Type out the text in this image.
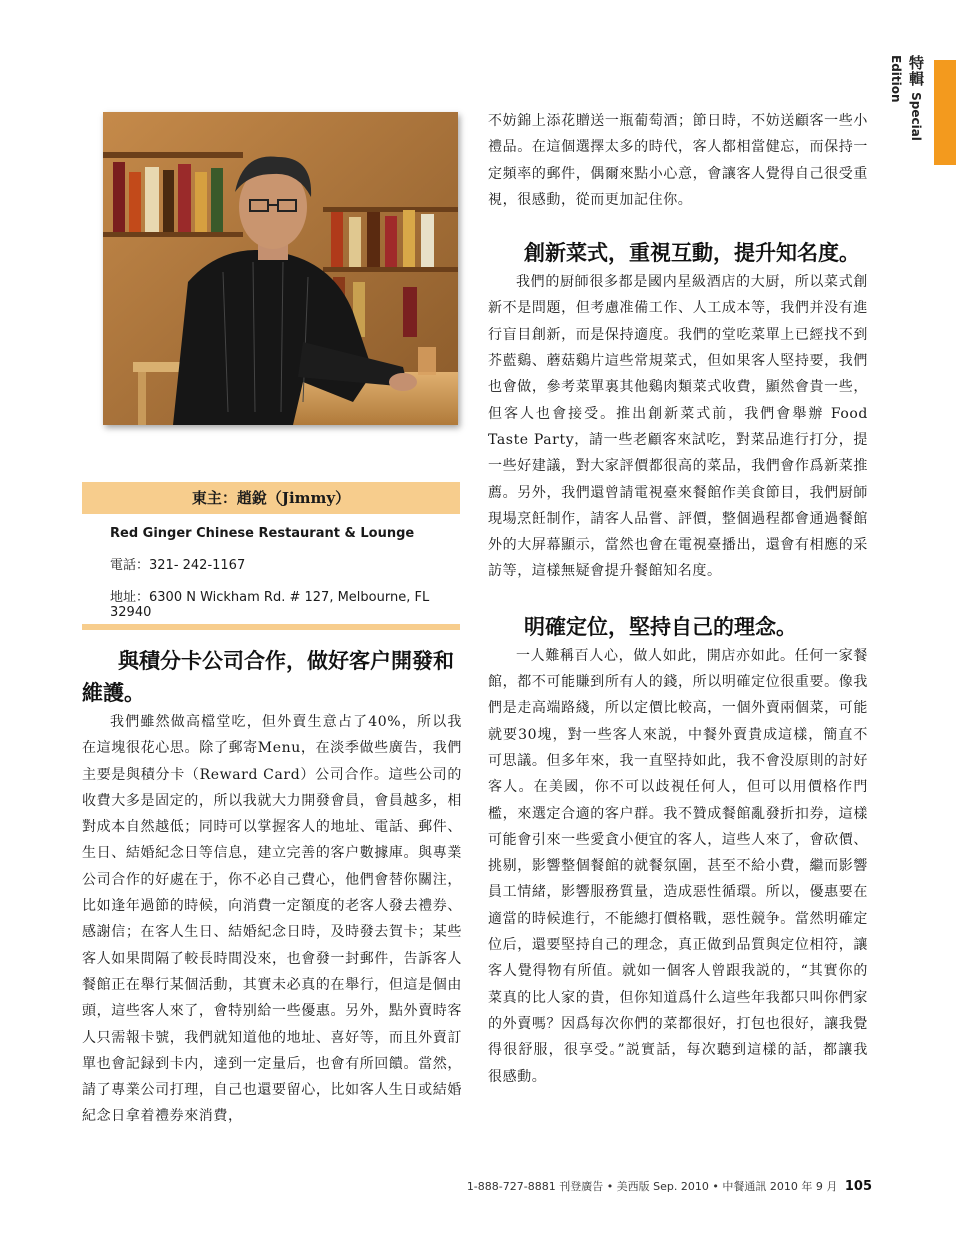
特輯 Special Edition
東主：趙銳（Jimmy）
Red Ginger Chinese Restaurant & Lounge
電話：321- 242-1167
地址：6300 N Wickham Rd. # 127, Melbourne, FL 32940
與積分卡公司合作，做好客户開發和維護。

我們雖然做高檔堂吃，但外賣生意占了40%，所以我在這塊很花心思。除了郵寄Menu，在淡季做些廣告，我們主要是與積分卡（Reward Card）公司合作。這些公司的收費大多是固定的，所以我就大力開發會員，會員越多，相對成本自然越低；同時可以掌握客人的地址、電話、郵件、生日、結婚紀念日等信息，建立完善的客户數據庫。與專業公司合作的好處在于，你不必自己費心，他們會替你關注，比如逢年過節的時候，向消費一定額度的老客人發去禮券、感謝信；在客人生日、結婚紀念日時，及時發去賀卡；某些客人如果間隔了較長時間没來，也會發一封郵件，告訴客人餐館正在舉行某個活動，其實未必真的在舉行，但這是個由頭，這些客人來了，會特别給一些優惠。另外，點外賣時客人只需報卡號，我們就知道他的地址、喜好等，而且外賣訂單也會記録到卡内，達到一定量后，也會有所回饋。當然，請了專業公司打理，自己也還要留心，比如客人生日或結婚紀念日拿着禮券來消費，

不妨錦上添花贈送一瓶葡萄酒；節日時，不妨送顧客一些小禮品。在這個選擇太多的時代，客人都相當健忘，而保持一定頻率的郵件，偶爾來點小心意，會讓客人覺得自己很受重視，很感動，從而更加記住你。

創新菜式，重視互動，提升知名度。

我們的厨師很多都是國内星級酒店的大厨，所以菜式創新不是問題，但考慮准備工作、人工成本等，我們并没有進行盲目創新，而是保持適度。我們的堂吃菜單上已經找不到芥藍鷄、蘑菇鷄片這些常規菜式，但如果客人堅持要，我們也會做，參考菜單裏其他鷄肉類菜式收費，顯然會貴一些，但客人也會接受。推出創新菜式前，我們會舉辦 Food Taste Party，請一些老顧客來試吃，對菜品進行打分，提一些好建議，對大家評價都很高的菜品，我們會作爲新菜推薦。另外，我們還曾請電視臺來餐館作美食節目，我們厨師現場烹飪制作，請客人品嘗、評價，整個過程都會通過餐館外的大屏幕顯示，當然也會在電視臺播出，還會有相應的采訪等，這樣無疑會提升餐館知名度。

明確定位，堅持自己的理念。

一人難稱百人心，做人如此，開店亦如此。任何一家餐館，都不可能賺到所有人的錢，所以明確定位很重要。像我們是走高端路綫，所以定價比較高，一個外賣兩個菜，可能就要30塊，對一些客人來説，中餐外賣貴成這樣，簡直不可思議。但多年來，我一直堅持如此，我不會没原則的討好客人。在美國，你不可以歧視任何人，但可以用價格作門檻，來選定合適的客户群。我不贊成餐館亂發折扣券，這樣可能會引來一些愛貪小便宜的客人，這些人來了，會砍價、挑剔，影響整個餐館的就餐氛圍，甚至不給小費，繼而影響員工情緒，影響服務質量，造成惡性循環。所以，優惠要在適當的時候進行，不能總打價格戰，惡性競争。當然明確定位后，還要堅持自己的理念，真正做到品質與定位相符，讓客人覺得物有所值。就如一個客人曾跟我説的，“其實你的菜真的比人家的貴，但你知道爲什么這些年我都只叫你們家的外賣嗎？因爲每次你們的菜都很好，打包也很好，讓我覺得很舒服，很享受。”説實話，每次聽到這樣的話，都讓我很感動。

1-888-727-8881 刊登廣告 • 美西版 Sep. 2010 • 中餐通訊 2010 年 9 月 105
